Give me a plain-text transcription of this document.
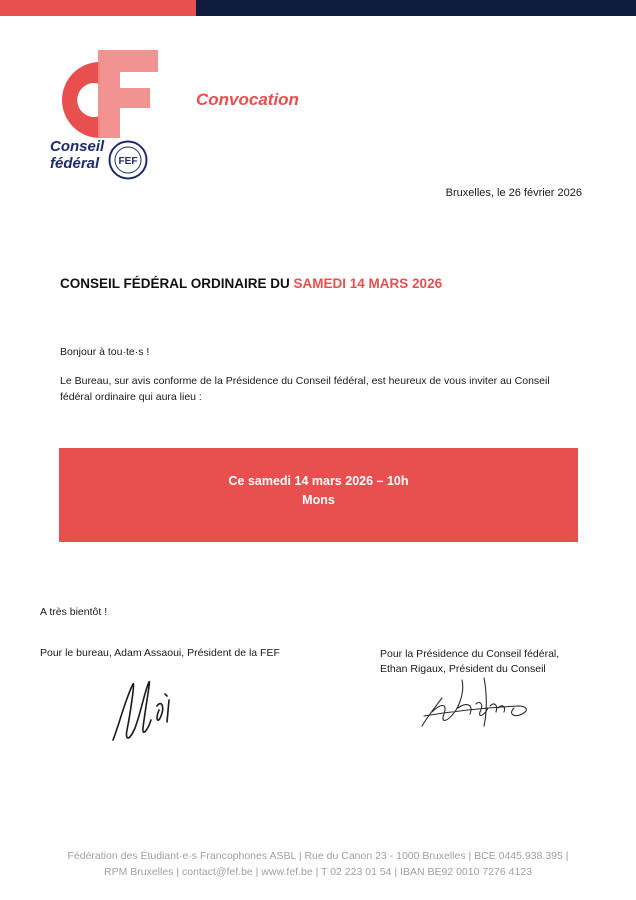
Conseil
fédéral	FEF
Convocation
Bruxelles, le 26 février 2026
CONSEIL FÉDÉRAL ORDINAIRE DU SAMEDI 14 MARS 2026
Bonjour à tou·te·s !
Le Bureau, sur avis conforme de la Présidence du Conseil fédéral, est heureux de vous inviter au Conseil fédéral ordinaire qui aura lieu :
Ce samedi 14 mars 2026 – 10h
Mons
A très bientôt !
Pour le bureau, Adam Assaoui, Président de la FEF	Pour la Présidence du Conseil fédéral,
Ethan Rigaux, Président du Conseil
Fédération des Étudiant·e·s Francophones ASBL | Rue du Canon 23 - 1000 Bruxelles | BCE 0445.938.395 |
RPM Bruxelles | contact@fef.be | www.fef.be | T 02 223 01 54 | IBAN BE92 0010 7276 4123
